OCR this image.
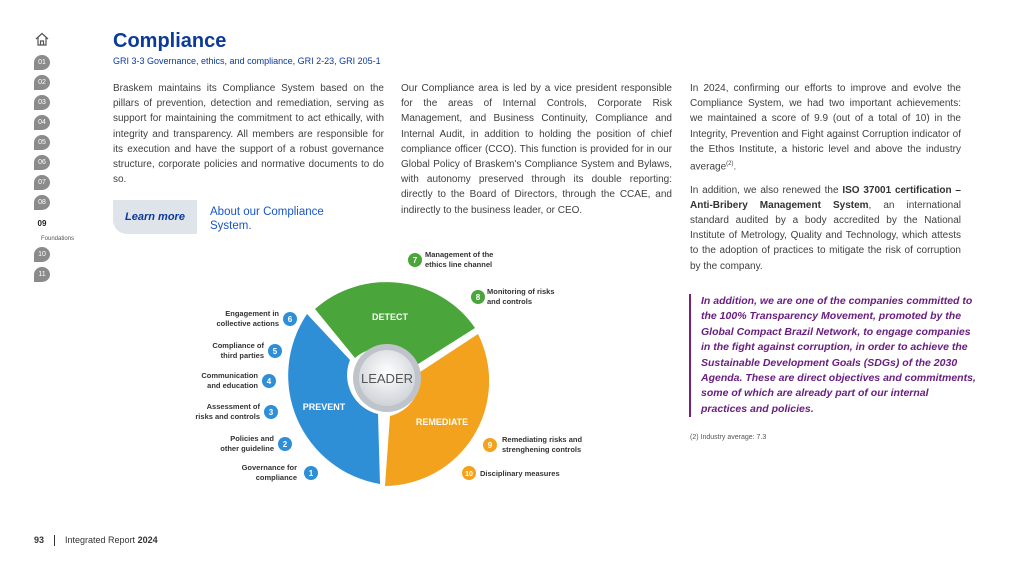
01
02
03
04
05
06
07
08
09
Foundations
10
11
Compliance
GRI 3-3 Governance, ethics, and compliance, GRI 2-23, GRI 205-1

Braskem maintains its Compliance System based on the pillars of prevention, detection and remediation, serving as support for maintaining the commitment to act ethically, with integrity and transparency. All members are responsible for its execution and have the support of a robust governance structure, corporate policies and normative documents to do so.

Learn more	About our Compliance System.

Our Compliance area is led by a vice president responsible for the areas of Internal Controls, Corporate Risk Management, and Business Continuity, Compliance and Internal Audit, in addition to holding the position of chief compliance officer (CCO). This function is provided for in our Global Policy of Braskem's Compliance System and Bylaws, with autonomy preserved through its double reporting: directly to the Board of Directors, through the CCAE, and indirectly to the business leader, or CEO.

In 2024, confirming our efforts to improve and evolve the Compliance System, we had two important achievements: we maintained a score of 9.9 (out of a total of 10) in the Integrity, Prevention and Fight against Corruption indicator of the Ethos Institute, a historic level and above the industry average$^{(2)}$.

In addition, we also renewed the ISO 37001 certification – Anti-Bribery Management System, an international standard audited by a body accredited by the National Institute of Metrology, Quality and Technology, which attests to the adoption of practices to mitigate the risk of corruption by the company.

In addition, we are one of the companies committed to the 100% Transparency Movement, promoted by the Global Compact Brazil Network, to engage companies in the fight against corruption, in order to achieve the Sustainable Development Goals (SDGs) of the 2030 Agenda. These are direct objectives and commitments, some of which are already part of our internal practices and policies.
(2) Industry average: 7.3
LEADER
DETECT
PREVENT
REMEDIATE
1
Governance for
compliance
2
Policies and
other guideline
3
Assessment of
risks and controls
4
Communication
and education
5
Compliance of
third parties
6
Engagement in
collective actions
7
Management of the
ethics line channel
8
Monitoring of risks
and controls
9
Remediating risks and
strenghening controls
10 Disciplinary measures
93 Integrated Report 2024
